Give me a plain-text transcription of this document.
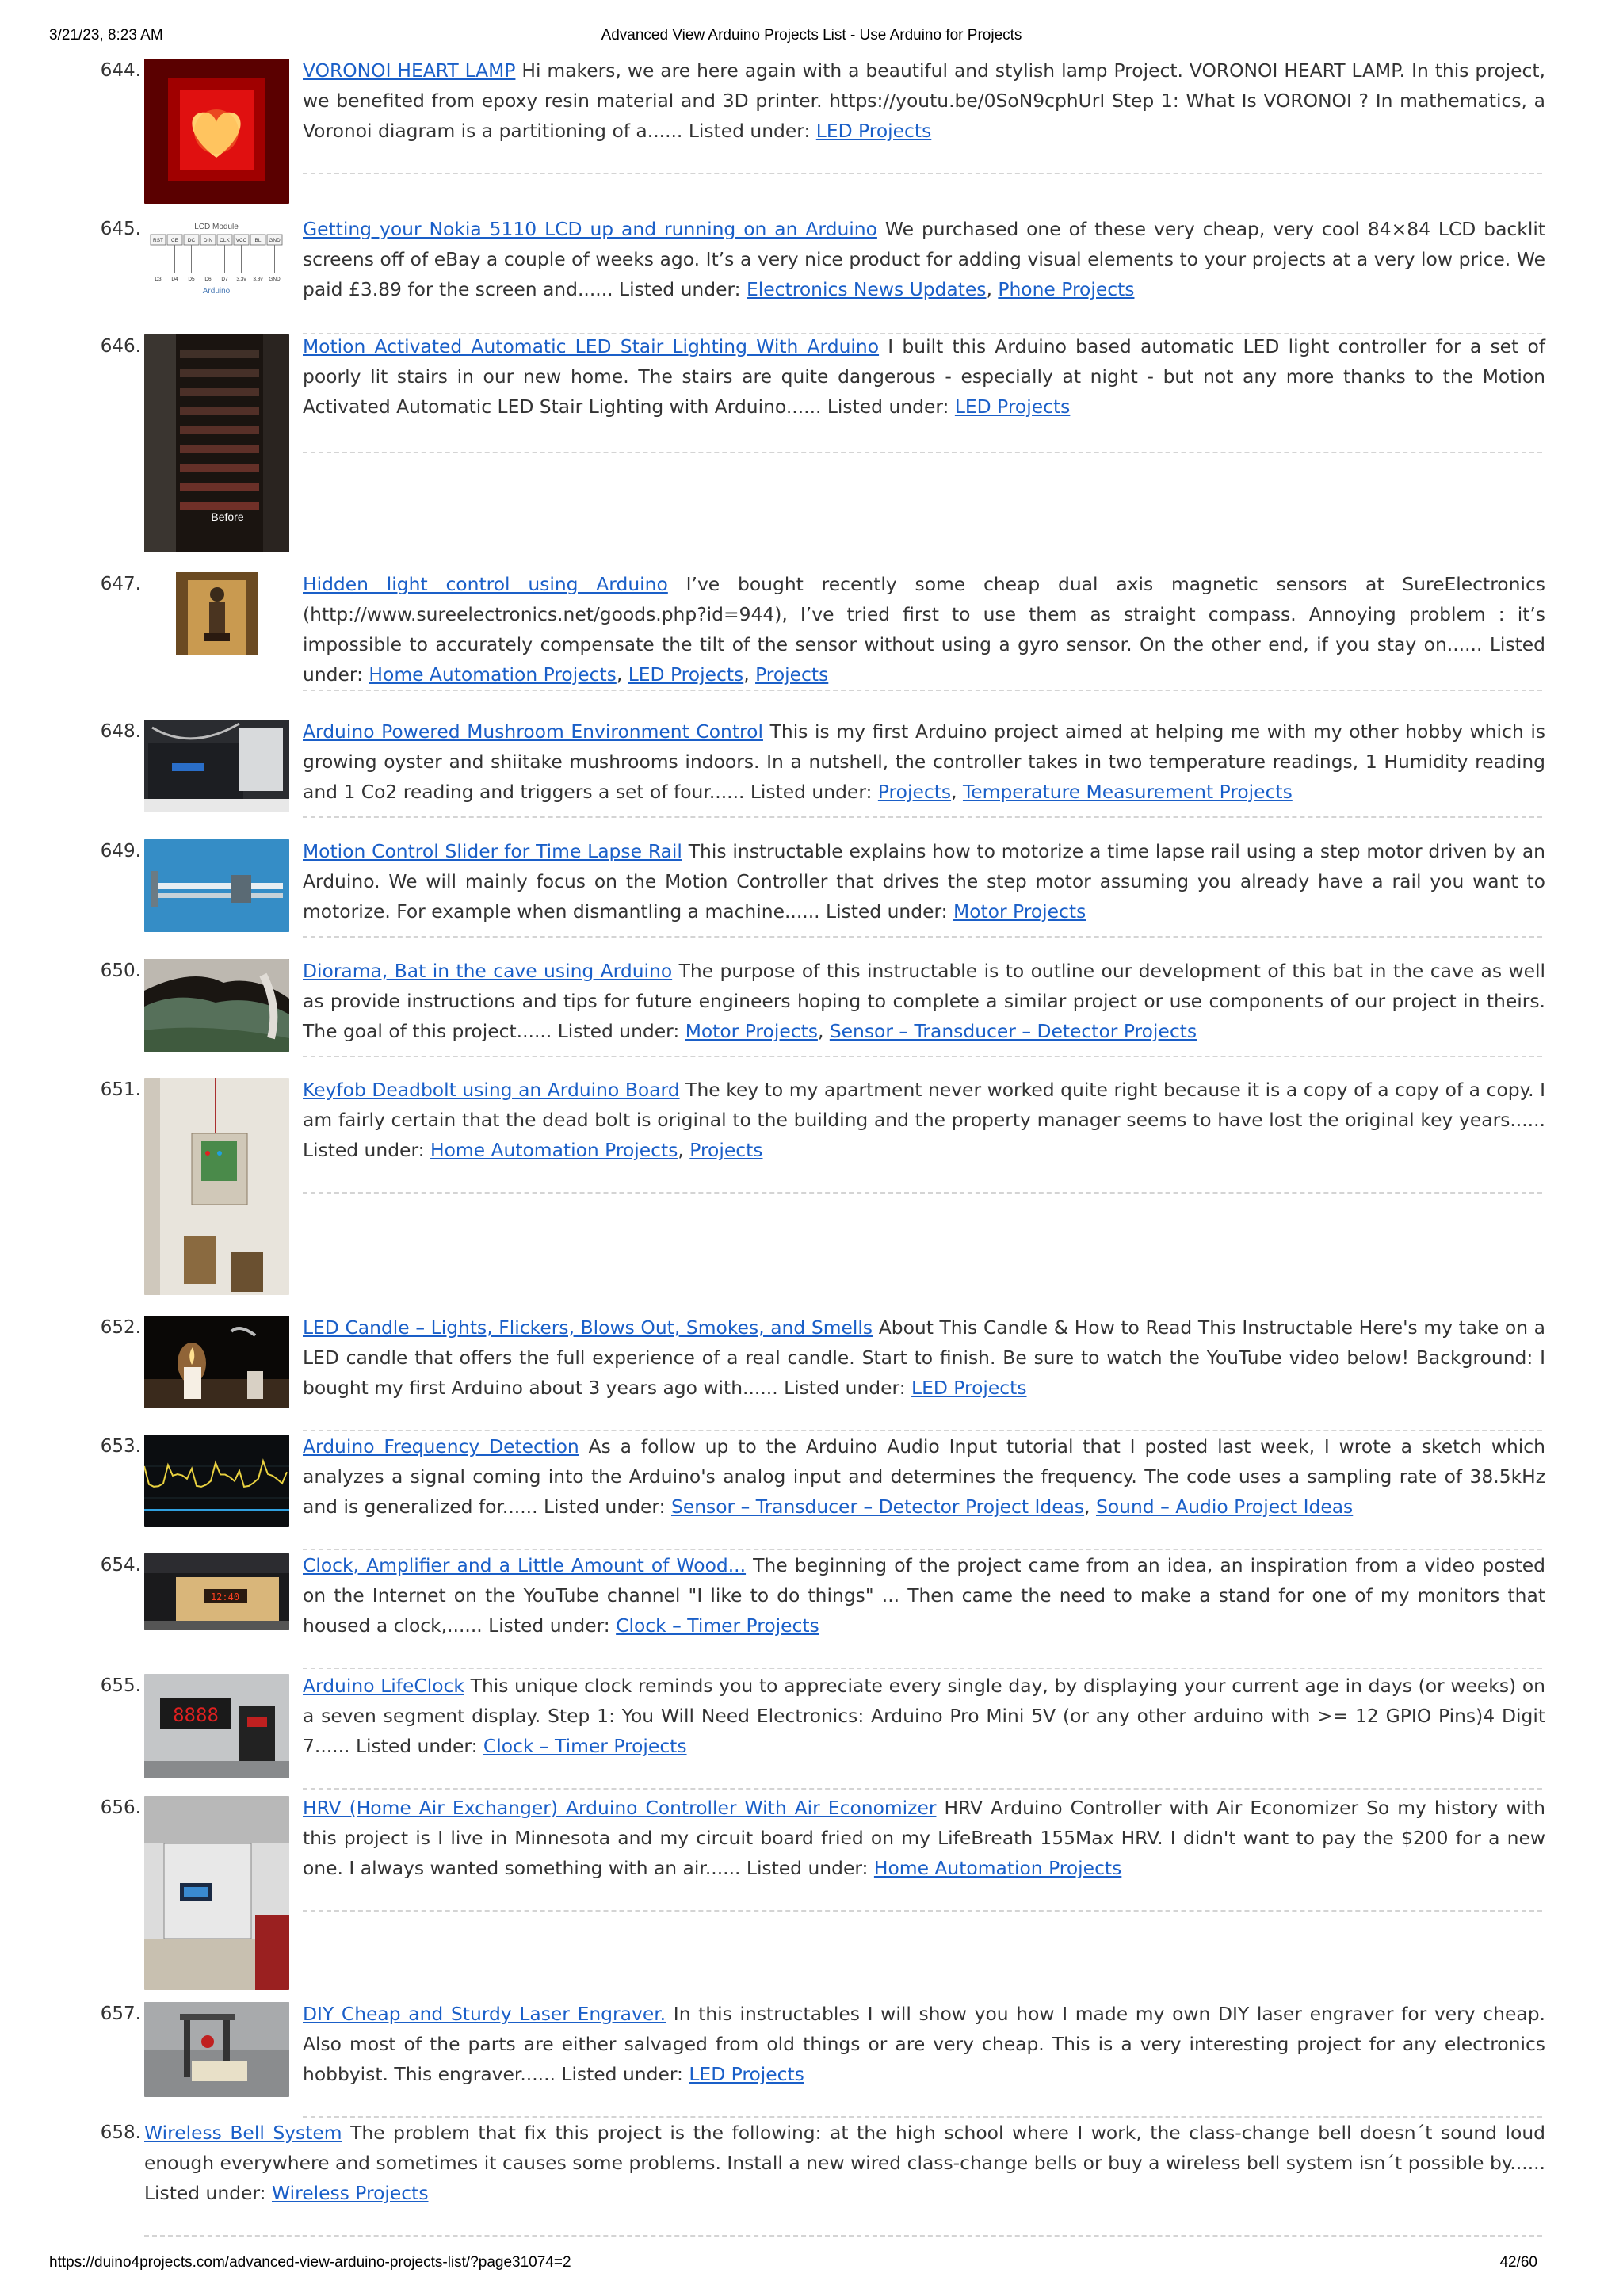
3/21/23, 8:23 AM	Advanced View Arduino Projects List - Use Arduino for Projects
644.	VORONOI HEART LAMP Hi makers, we are here again with a beautiful and stylish lamp Project. VORONOI HEART LAMP. In this project, we benefited from epoxy resin material and 3D printer. https://youtu.be/0SoN9cphUrI Step 1: What Is VORONOI ? In mathematics, a Voronoi diagram is a partitioning of a...... Listed under: LED Projects
645.	LCD Module
RST
D3
CE
D4
DC
D5
DIN
D6
CLK
D7
VCC
3.3v
BL
3.3v
GND
GND
Arduino
Getting your Nokia 5110 LCD up and running on an Arduino We purchased one of these very cheap, very cool 84×84 LCD backlit screens off of eBay a couple of weeks ago. It’s a very nice product for adding visual elements to your projects at a very low price. We paid £3.89 for the screen and...... Listed under: Electronics News Updates, Phone Projects
646.
Before
Motion Activated Automatic LED Stair Lighting With Arduino I built this Arduino based automatic LED light controller for a set of poorly lit stairs in our new home. The stairs are quite dangerous - especially at night - but not any more thanks to the Motion Activated Automatic LED Stair Lighting with Arduino...... Listed under: LED Projects
647.	Hidden light control using Arduino I’ve bought recently some cheap dual axis magnetic sensors at SureElectronics (http://www.sureelectronics.net/goods.php?id=944), I’ve tried first to use them as straight compass. Annoying problem : it’s impossible to accurately compensate the tilt of the sensor without using a gyro sensor. On the other end, if you stay on...... Listed under: Home Automation Projects, LED Projects, Projects
648.	Arduino Powered Mushroom Environment Control This is my first Arduino project aimed at helping me with my other hobby which is growing oyster and shiitake mushrooms indoors. In a nutshell, the controller takes in two temperature readings, 1 Humidity reading and 1 Co2 reading and triggers a set of four...... Listed under: Projects, Temperature Measurement Projects
649.	Motion Control Slider for Time Lapse Rail This instructable explains how to motorize a time lapse rail using a step motor driven by an Arduino. We will mainly focus on the Motion Controller that drives the step motor assuming you already have a rail you want to motorize. For example when dismantling a machine...... Listed under: Motor Projects
650.	Diorama, Bat in the cave using Arduino The purpose of this instructable is to outline our development of this bat in the cave as well as provide instructions and tips for future engineers hoping to complete a similar project or use components of our project in theirs. The goal of this project...... Listed under: Motor Projects, Sensor – Transducer – Detector Projects
651.	Keyfob Deadbolt using an Arduino Board The key to my apartment never worked quite right because it is a copy of a copy of a copy. I am fairly certain that the dead bolt is original to the building and the property manager seems to have lost the original key years...... Listed under: Home Automation Projects, Projects
652.	LED Candle – Lights, Flickers, Blows Out, Smokes, and Smells About This Candle & How to Read This Instructable Here's my take on a LED candle that offers the full experience of a real candle. Start to finish. Be sure to watch the YouTube video below! Background: I bought my first Arduino about 3 years ago with...... Listed under: LED Projects
653.	Arduino Frequency Detection As a follow up to the Arduino Audio Input tutorial that I posted last week, I wrote a sketch which analyzes a signal coming into the Arduino's analog input and determines the frequency. The code uses a sampling rate of 38.5kHz and is generalized for...... Listed under: Sensor – Transducer – Detector Project Ideas, Sound – Audio Project Ideas
654.
12:40
Clock, Amplifier and a Little Amount of Wood... The beginning of the project came from an idea, an inspiration from a video posted on the Internet on the YouTube channel "I like to do things" ... Then came the need to make a stand for one of my monitors that housed a clock,...... Listed under: Clock – Timer Projects
655.
8888
Arduino LifeClock This unique clock reminds you to appreciate every single day, by displaying your current age in days (or weeks) on a seven segment display. Step 1: You Will Need Electronics: Arduino Pro Mini 5V (or any other arduino with >= 12 GPIO Pins)4 Digit 7...... Listed under: Clock – Timer Projects
656.	HRV (Home Air Exchanger) Arduino Controller With Air Economizer HRV Arduino Controller with Air Economizer So my history with this project is I live in Minnesota and my circuit board fried on my LifeBreath 155Max HRV. I didn't want to pay the $200 for a new one. I always wanted something with an air...... Listed under: Home Automation Projects
657.	DIY Cheap and Sturdy Laser Engraver. In this instructables I will show you how I made my own DIY laser engraver for very cheap. Also most of the parts are either salvaged from old things or are very cheap. This is a very interesting project for any electronics hobbyist. This engraver...... Listed under: LED Projects
658. Wireless Bell System The problem that fix this project is the following: at the high school where I work, the class-change bell doesn´t sound loud enough everywhere and sometimes it causes some problems. Install a new wired class-change bells or buy a wireless bell system isn´t possible by...... Listed under: Wireless Projects
https://duino4projects.com/advanced-view-arduino-projects-list/?page31074=2	42/60
